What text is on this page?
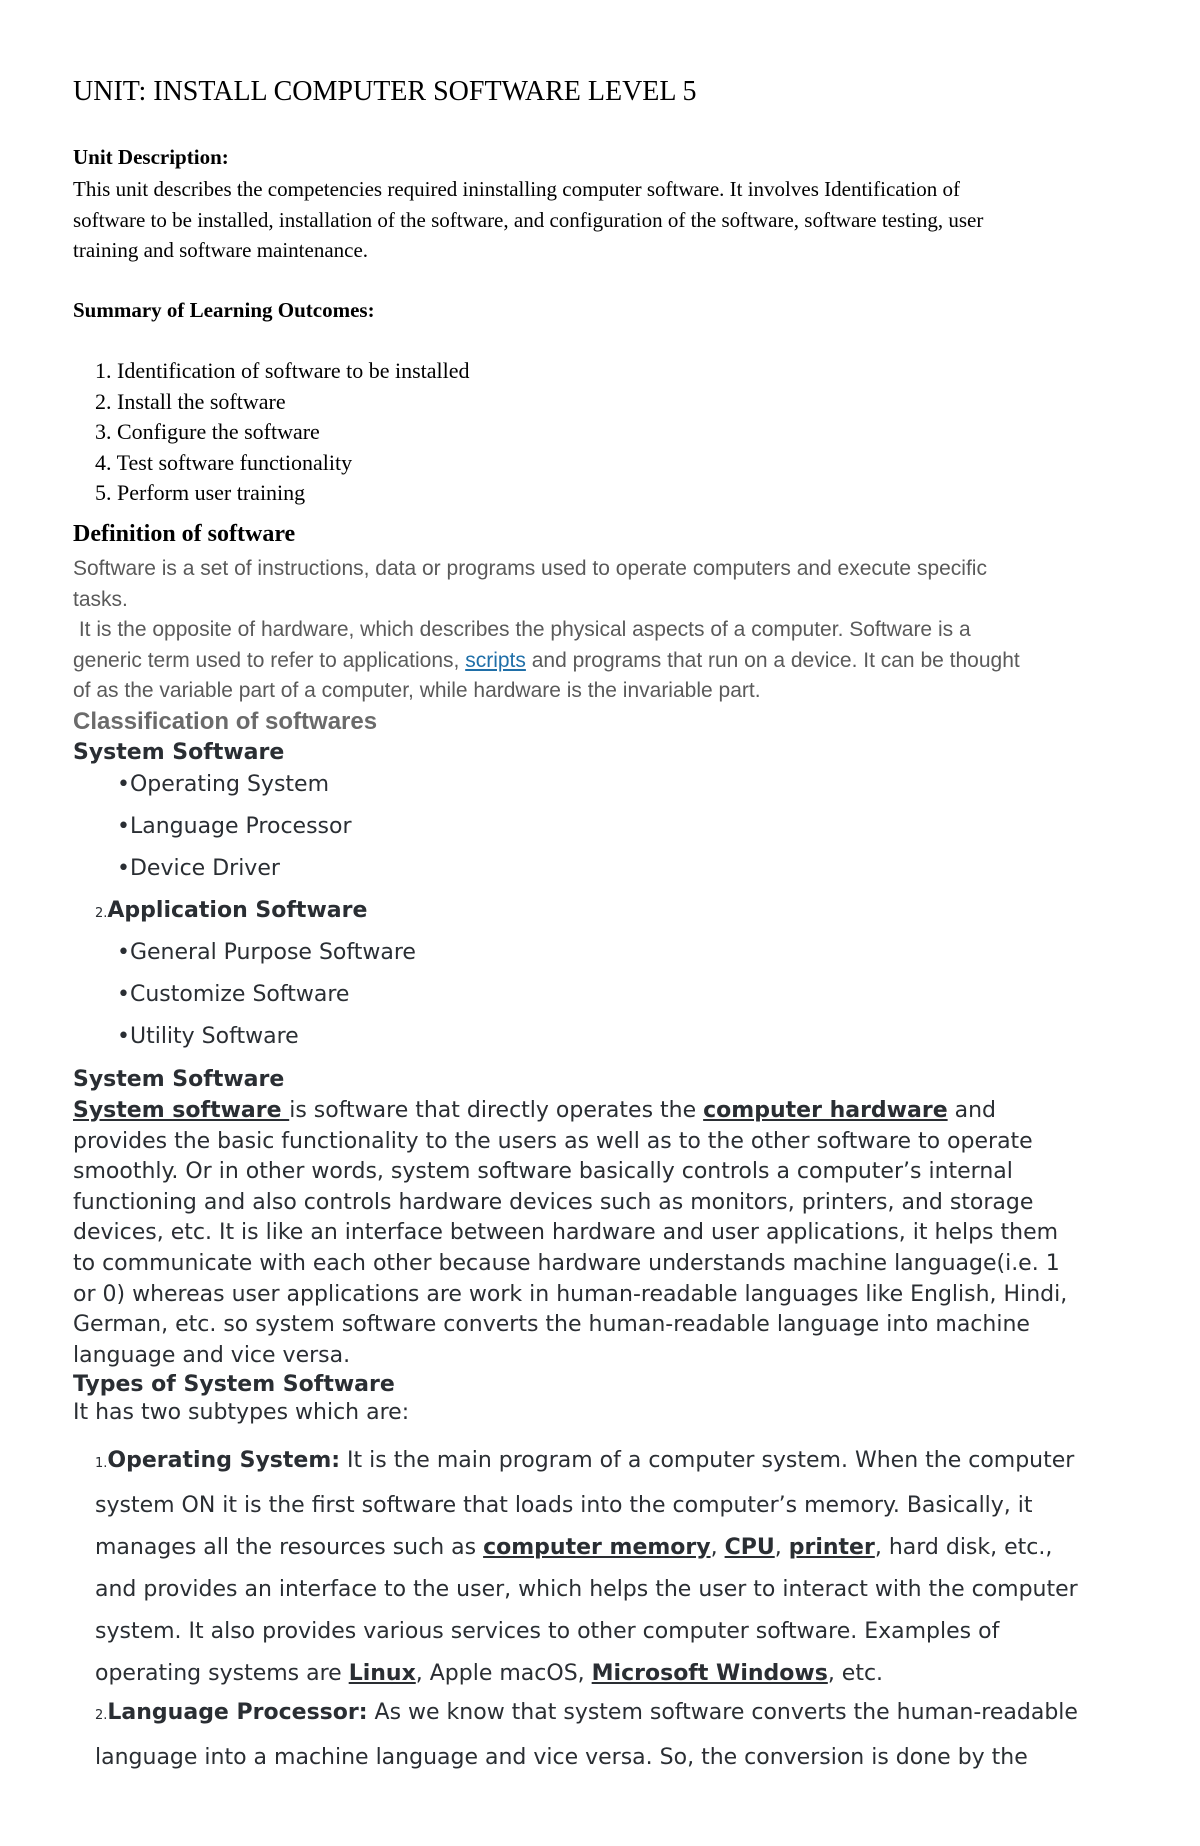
UNIT: INSTALL COMPUTER SOFTWARE LEVEL 5
Unit Description:
This unit describes the competencies required ininstalling computer software. It involves Identification of
software to be installed, installation of the software, and configuration of the software, software testing, user
training and software maintenance.
Summary of Learning Outcomes:
1. Identification of software to be installed
2. Install the software
3. Configure the software
4. Test software functionality
5. Perform user training
Definition of software
Software is a set of instructions, data or programs used to operate computers and execute specific
tasks.
It is the opposite of hardware, which describes the physical aspects of a computer. Software is a
generic term used to refer to applications, scripts and programs that run on a device. It can be thought
of as the variable part of a computer, while hardware is the invariable part.
Classification of softwares
System Software
•Operating System
•Language Processor
•Device Driver
2.Application Software
•General Purpose Software
•Customize Software
•Utility Software
System Software
System software is software that directly operates the computer hardware and
provides the basic functionality to the users as well as to the other software to operate
smoothly. Or in other words, system software basically controls a computer’s internal
functioning and also controls hardware devices such as monitors, printers, and storage
devices, etc. It is like an interface between hardware and user applications, it helps them
to communicate with each other because hardware understands machine language(i.e. 1
or 0) whereas user applications are work in human-readable languages like English, Hindi,
German, etc. so system software converts the human-readable language into machine
language and vice versa.
Types of System Software
It has two subtypes which are:
1.Operating System: It is the main program of a computer system. When the computer
system ON it is the first software that loads into the computer’s memory. Basically, it
manages all the resources such as computer memory, CPU, printer, hard disk, etc.,
and provides an interface to the user, which helps the user to interact with the computer
system. It also provides various services to other computer software. Examples of
operating systems are Linux, Apple macOS, Microsoft Windows, etc.
2.Language Processor: As we know that system software converts the human-readable
language into a machine language and vice versa. So, the conversion is done by the
